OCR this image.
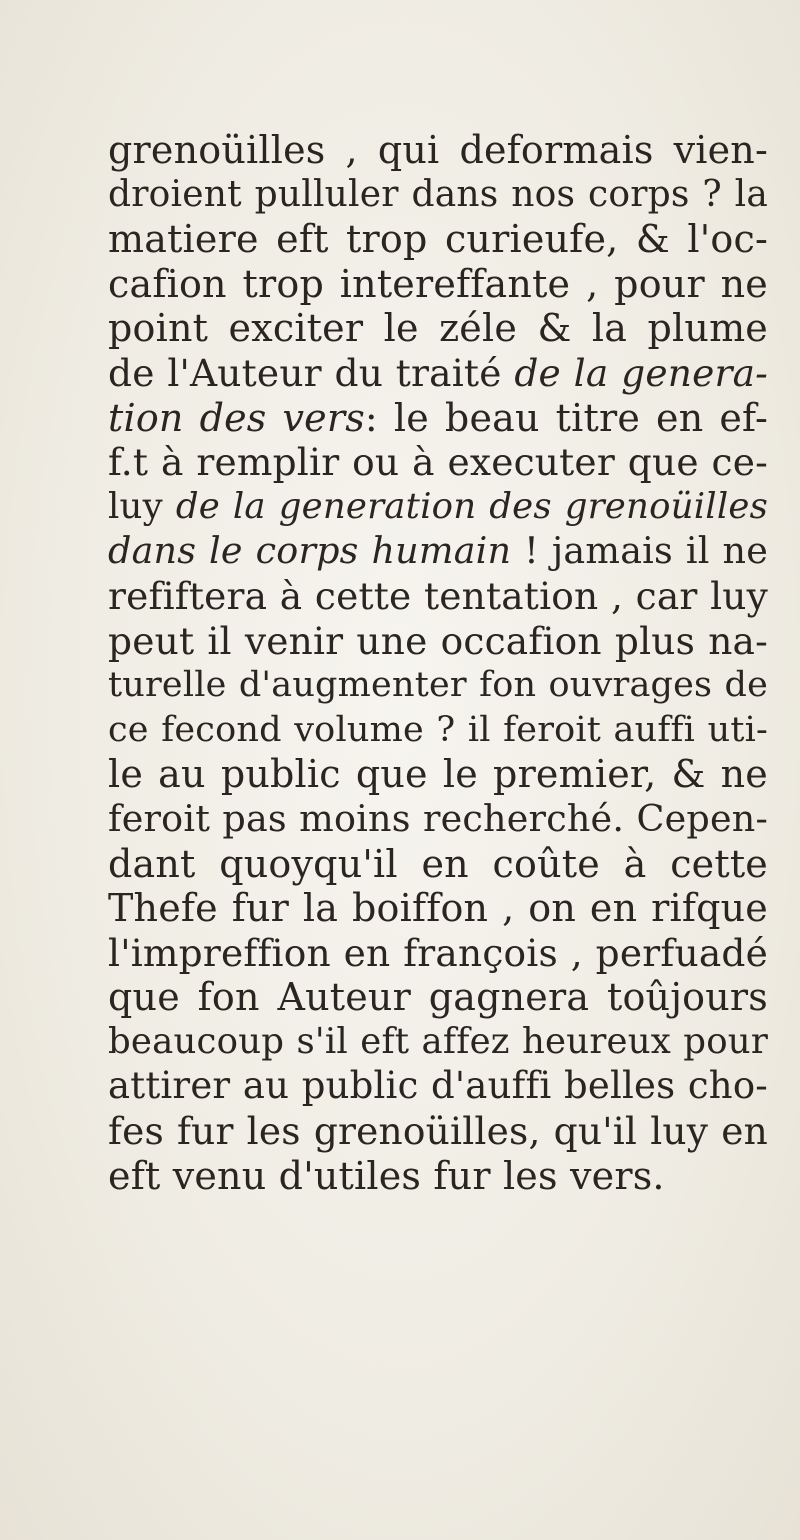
grenoüilles , qui deformais vien-
droient pulluler dans nos corps ? la
matiere eft trop curieufe, & l'oc-
cafion trop intereffante , pour ne
point exciter le zéle & la plume
de l'Auteur du traité de la genera-
tion des vers: le beau titre en ef-
f.t à remplir ou à executer que ce-
luy de la generation des grenoüilles
dans le corps humain ! jamais il ne
refiftera à cette tentation , car luy
peut il venir une occafion plus na-
turelle d'augmenter fon ouvrages de
ce fecond volume ? il feroit auffi uti-
le au public que le premier, & ne
feroit pas moins recherché. Cepen-
dant quoyqu'il en coûte à cette
Thefe fur la boiffon , on en rifque
l'impreffion en françois , perfuadé
que fon Auteur gagnera toûjours
beaucoup s'il eft affez heureux pour
attirer au public d'auffi belles cho-
fes fur les grenoüilles, qu'il luy en
eft venu d'utiles fur les vers.
